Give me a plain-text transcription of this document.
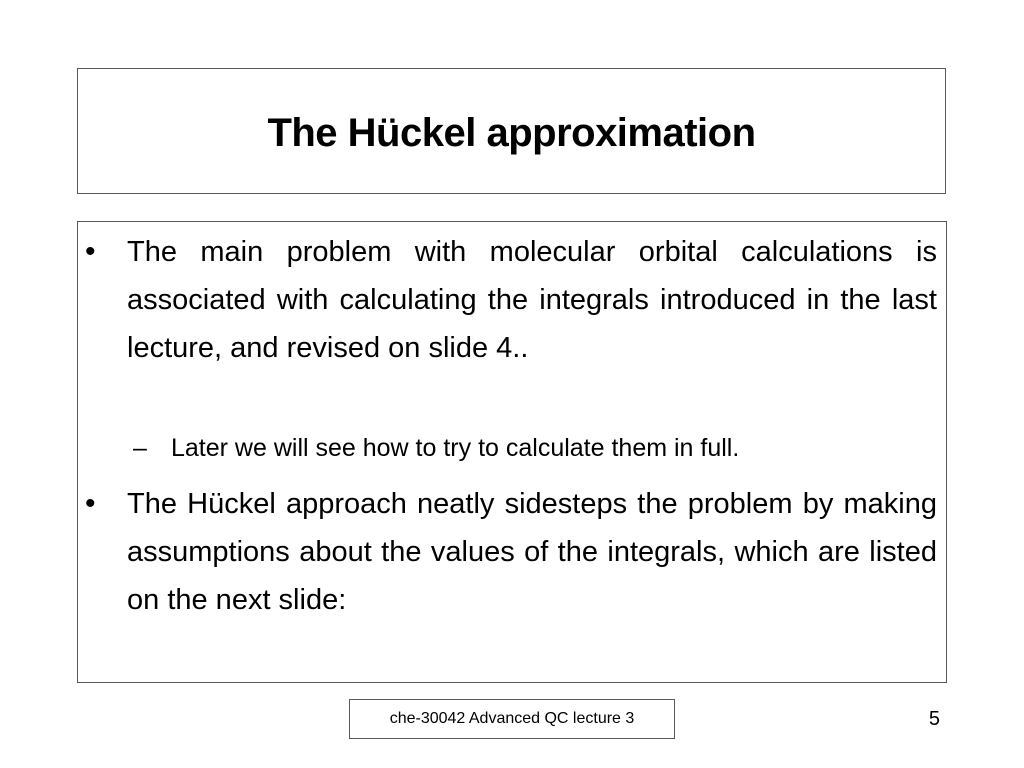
The Hückel approximation
•	The main problem with molecular orbital calculations is associated with calculating the integrals introduced in the last lecture, and revised on slide 4..
– Later we will see how to try to calculate them in full.
•	The Hückel approach neatly sidesteps the problem by making assumptions about the values of the integrals, which are listed on the next slide:
che-30042 Advanced QC lecture 3	5
